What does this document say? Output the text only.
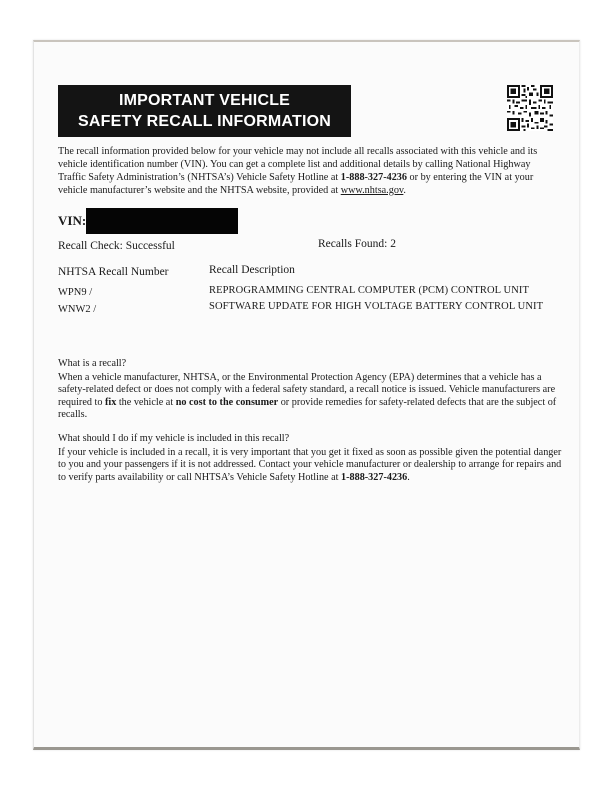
IMPORTANT VEHICLE
SAFETY RECALL INFORMATION
The recall information provided below for your vehicle may not include all recalls associated with this vehicle and its vehicle identification number (VIN). You can get a complete list and additional details by calling National Highway Traffic Safety Administration’s (NHTSA’s) Vehicle Safety Hotline at 1-888-327-4236 or by entering the VIN at your vehicle manufacturer’s website and the NHTSA website, provided at www.nhtsa.gov.
VIN:
Recall Check: Successful	Recalls Found: 2
NHTSA Recall Number	Recall Description
WPN9 /	REPROGRAMMING CENTRAL COMPUTER (PCM) CONTROL UNIT
WNW2 /	SOFTWARE UPDATE FOR HIGH VOLTAGE BATTERY CONTROL UNIT

What is a recall?

When a vehicle manufacturer, NHTSA, or the Environmental Protection Agency (EPA) determines that a vehicle has a safety-related defect or does not comply with a federal safety standard, a recall notice is issued. Vehicle manufacturers are required to fix the vehicle at no cost to the consumer or provide remedies for safety-related defects that are the subject of recalls.

What should I do if my vehicle is included in this recall?

If your vehicle is included in a recall, it is very important that you get it fixed as soon as possible given the potential danger to you and your passengers if it is not addressed. Contact your vehicle manufacturer or dealership to arrange for repairs and to verify parts availability or call NHTSA’s Vehicle Safety Hotline at 1-888-327-4236.
